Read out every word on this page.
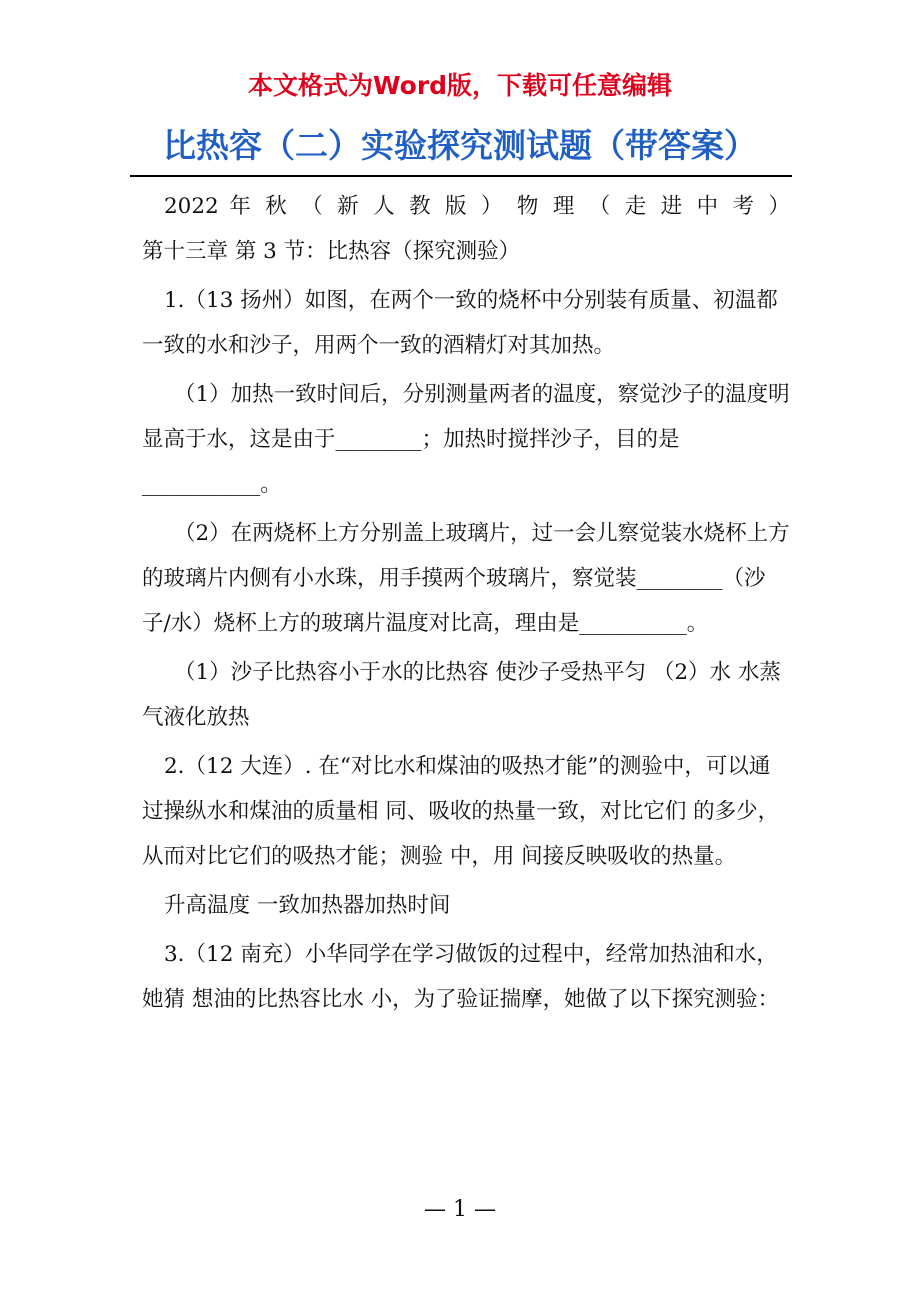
本文格式为Word版，下载可任意编辑

比热容（二）实验探究测试题（带答案）

2022 年 秋 （ 新 人 教 版 ） 物 理 （ 走 进 中 考 ）

第十三章 第 3 节：比热容（探究测验）

1.（13 扬州）如图，在两个一致的烧杯中分别装有质量、初温都一致的水和沙子，用两个一致的酒精灯对其加热。

（1）加热一致时间后，分别测量两者的温度，察觉沙子的温度明显高于水，这是由于________；加热时搅拌沙子，目的是___________。

（2）在两烧杯上方分别盖上玻璃片，过一会儿察觉装水烧杯上方的玻璃片内侧有小水珠，用手摸两个玻璃片，察觉装________（沙子/水）烧杯上方的玻璃片温度对比高，理由是__________。

（1）沙子比热容小于水的比热容 使沙子受热平匀 （2）水 水蒸气液化放热

2.（12 大连）. 在“对比水和煤油的吸热才能”的测验中，可以通过操纵水和煤油的质量相 同、吸收的热量一致，对比它们 的多少，从而对比它们的吸热才能；测验 中，用 间接反映吸收的热量。

升高温度 一致加热器加热时间

3.（12 南充）小华同学在学习做饭的过程中，经常加热油和水，她猜 想油的比热容比水 小，为了验证揣摩，她做了以下探究测验：

— 1 —
